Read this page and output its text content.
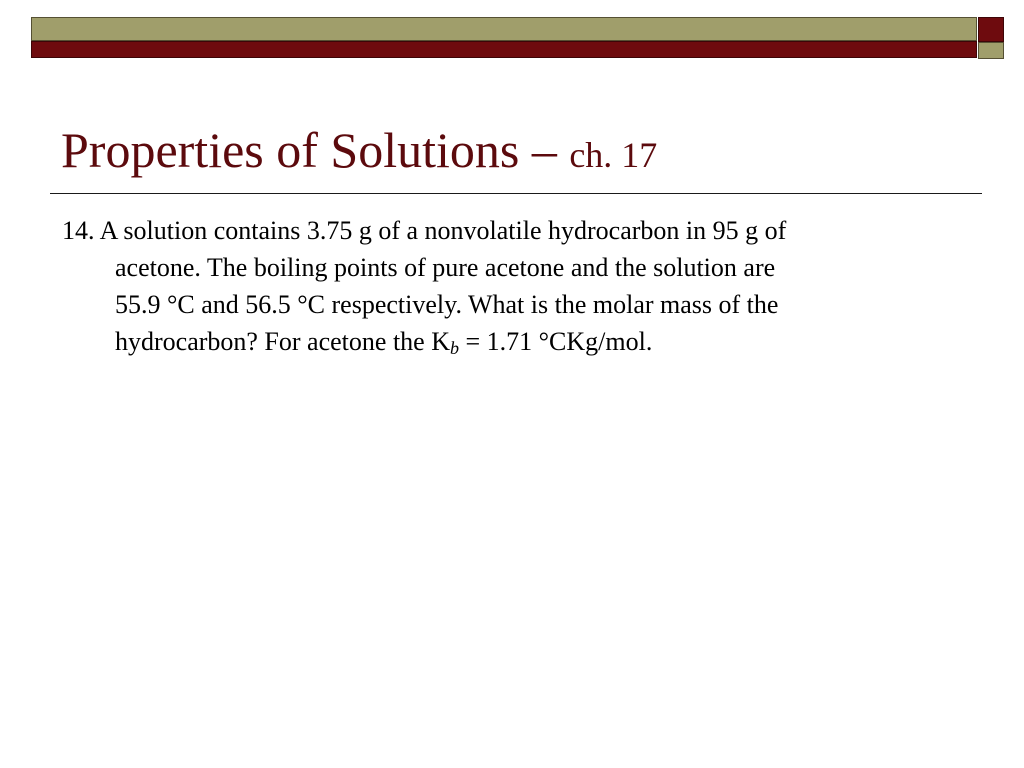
Properties of Solutions – ch. 17

14. A solution contains 3.75 g of a nonvolatile hydrocarbon in 95 g of
acetone. The boiling points of pure acetone and the solution are
55.9 °C and 56.5 °C respectively. What is the molar mass of the
hydrocarbon? For acetone the $K_b = 1.71$ °CKg/mol.
